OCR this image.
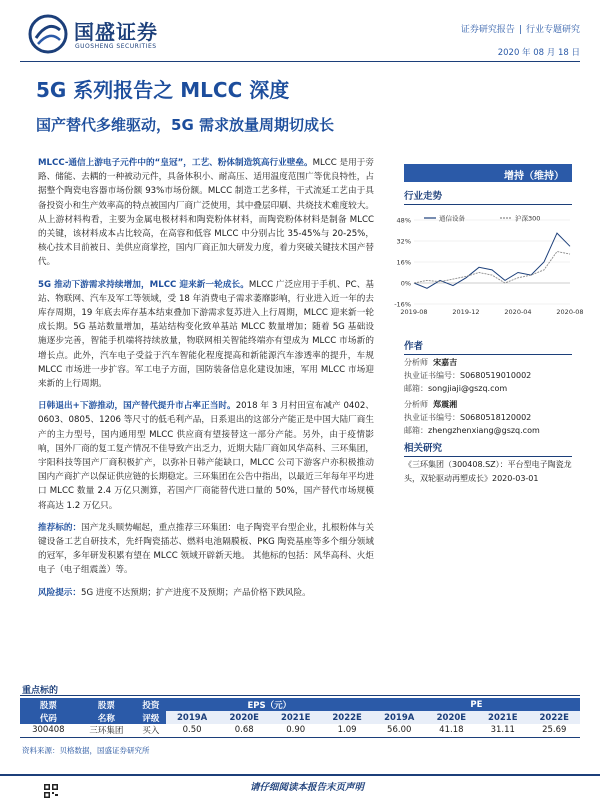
国盛证券
GUOSHENG SECURITIES
证券研究报告 | 行业专题研究
2020 年 08 月 18 日
5G 系列报告之 MLCC 深度
国产替代多维驱动，5G 需求放量周期切成长
MLCC-通信上游电子元件中的“皇冠”，工艺、粉体制造筑高行业壁垒。MLCC 是用于旁路、储能、去耦的一种被动元件，具备体积小、耐高压、适用温度范围广等优良特性，占据整个陶瓷电容器市场份额 93%市场份额。MLCC 制造工艺多样，干式流延工艺由于具备投资小和生产效率高的特点被国内厂商广泛使用，其中叠层印刷、共烧技术难度较大。从上游材料构看，主要为金属电极材料和陶瓷粉体材料，而陶瓷粉体材料是制备 MLCC 的关键，该材料成本占比较高，在高容和低容 MLCC 中分别占比 35-45%与 20-25%，核心技术目前被日、美供应商掌控，国内厂商正加大研发力度，着力突破关键技术国产替代。
5G 推动下游需求持续增加，MLCC 迎来新一轮成长。MLCC 广泛应用于手机、PC、基站、物联网、汽车及军工等领域，受 18 年消费电子需求萎靡影响，行业进入近一年的去库存周期，19 年底去库存基本结束叠加下游需求复苏进入上行周期，MLCC 迎来新一轮成长期。5G 基站数量增加，基站结构变化致单基站 MLCC 数量增加；随着 5G 基础设施逐步完善，智能手机端将持续放量，物联网相关智能终端亦有望成为 MLCC 市场新的增长点。此外，汽车电子受益于汽车智能化程度提高和新能源汽车渗透率的提升，车规 MLCC 市场进一步扩容。军工电子方面，国防装备信息化建设加速，军用 MLCC 市场迎来新的上行周期。
日韩退出+下游推动，国产替代提升市占率正当时。2018 年 3 月村田宣布减产 0402、0603、0805、1206 等尺寸的低毛利产品，日系退出的这部分产能正是中国大陆厂商生产的主力型号，国内通用型 MLCC 供应商有望接替这一部分产能。另外，由于疫情影响，国外厂商的复工复产情况不佳导致产出乏力，近期大陆厂商如风华高科、三环集团，宇阳科技等国产厂商积极扩产，以弥补日韩产能缺口，MLCC 公司下游客户亦积极推动国内产商扩产以保证供应链的长期稳定。三环集团在公告中指出，以最近三年每年平均进口 MLCC 数量 2.4 万亿只测算，若国产厂商能替代进口量的 50%，国产替代市场规模将高达 1.2 万亿只。
推荐标的：国产龙头顺势崛起，重点推荐三环集团：电子陶瓷平台型企业，扎根粉体与关键设备工艺自研技术，先纤陶瓷插芯、燃料电池隔膜板、PKG 陶瓷基座等多个细分领域的冠军，多年研发积累有望在 MLCC 领域开辟新天地。 其他标的包括：风华高科、火炬电子（电子组震盖）等。
风险提示：5G 进度不达预期；扩产进度不及预期；产品价格下跌风险。
增持（维持）
行业走势
48%
32%
16%
0%
-16%
2019-08	2019-12	2020-04	2020-08
通信设备	沪深300
作者
分析师 宋嘉吉
执业证书编号：S0680519010002
邮箱：songjiaji@gszq.com
分析师 郑震湘
执业证书编号：S0680518120002
邮箱：zhengzhenxiang@gszq.com
相关研究
《三环集团（300408.SZ）：平台型电子陶瓷龙头，双轮驱动再塑成长》2020-03-01
重点标的
股票	股票	投资	EPS（元）				PE			
代码	名称	评级	2019A	2020E	2021E	2022E	2019A	2020E	2021E	2022E
300408	三环集团	买入	0.50	0.68	0.90	1.09	56.00	41.18	31.11	25.69
资料来源：贝格数据，国盛证券研究所
请仔细阅读本报告末页声明
